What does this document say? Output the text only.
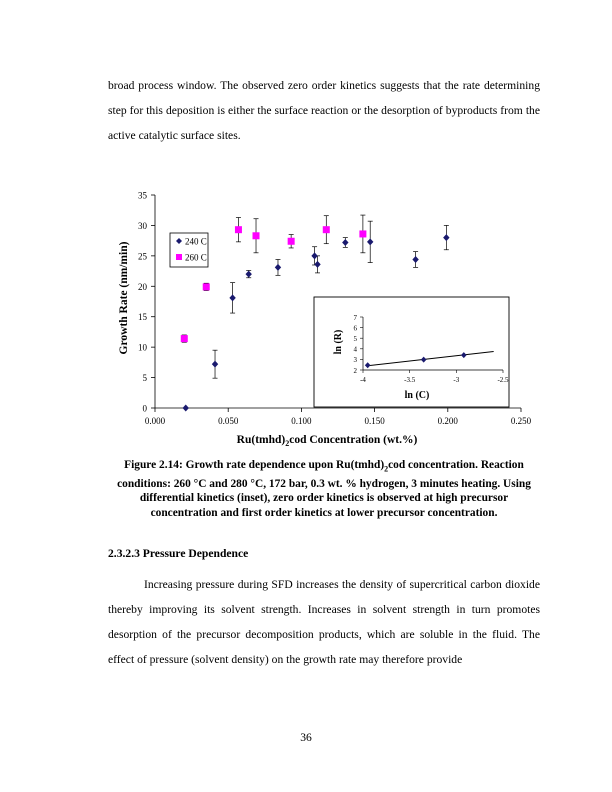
broad process window. The observed zero order kinetics suggests that the rate determining step for this deposition is either the surface reaction or the desorption of byproducts from the active catalytic surface sites.

0
5
10
15
20
25
30
35
0.000	0.050	0.100	0.150	0.200	0.250
Growth Rate (nm/min)
$Ru(tmhd)_2cod$ Concentration (wt.%)
240 C
260 C
2
3
4
5
6
7
-4	-3.5	-3	-2.5
ln (R)
ln (C)

Figure 2.14: Growth rate dependence upon $Ru(tmhd)_2cod$ concentration. Reaction conditions: 260 °C and 280 °C, 172 bar, 0.3 wt. % hydrogen, 3 minutes heating. Using differential kinetics (inset), zero order kinetics is observed at high precursor concentration and first order kinetics at lower precursor concentration.

2.3.2.3 Pressure Dependence

Increasing pressure during SFD increases the density of supercritical carbon dioxide thereby improving its solvent strength. Increases in solvent strength in turn promotes desorption of the precursor decomposition products, which are soluble in the fluid. The effect of pressure (solvent density) on the growth rate may therefore provide

36
